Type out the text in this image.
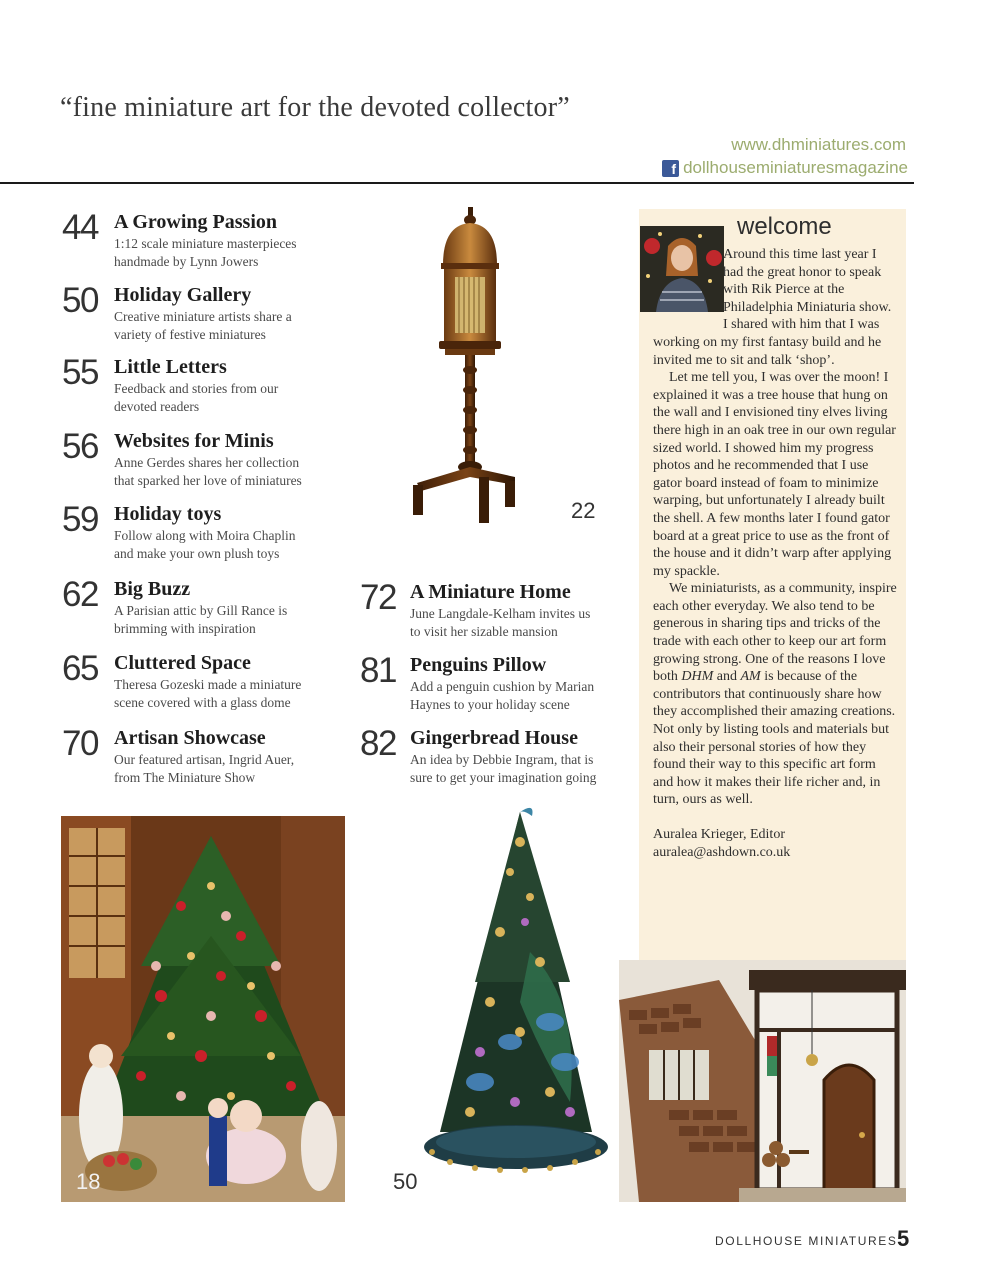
“fine miniature art for the devoted collector”
www.dhminiatures.com
f dollhouseminiaturesmagazine
44 A Growing Passion
1:12 scale miniature masterpieces
handmade by Lynn Jowers
50 Holiday Gallery
Creative miniature artists share a
variety of festive miniatures
55 Little Letters
Feedback and stories from our
devoted readers
56 Websites for Minis
Anne Gerdes shares her collection
that sparked her love of miniatures
59 Holiday toys
Follow along with Moira Chaplin
and make your own plush toys
62 Big Buzz
A Parisian attic by Gill Rance is
brimming with inspiration
65 Cluttered Space
Theresa Gozeski made a miniature
scene covered with a glass dome
70 Artisan Showcase
Our featured artisan, Ingrid Auer,
from The Miniature Show
72 A Miniature Home
June Langdale-Kelham invites us
to visit her sizable mansion
81 Penguins Pillow
Add a penguin cushion by Marian
Haynes to your holiday scene
82 Gingerbread House
An idea by Debbie Ingram, that is
sure to get your imagination going
22
18	50
welcome

Around this time last year I had the great honor to speak with Rik Pierce at the Philadelphia Miniaturia show. I shared with him that I was working on my first fantasy build and he invited me to sit and talk ‘shop’.

Let me tell you, I was over the moon! I explained it was a tree house that hung on the wall and I envisioned tiny elves living there high in an oak tree in our own regular sized world. I showed him my progress photos and he recommended that I use gator board instead of foam to minimize warping, but unfortunately I already built the shell. A few months later I found gator board at a great price to use as the front of the house and it didn’t warp after applying my spackle.

We miniaturists, as a community, inspire each other everyday. We also tend to be generous in sharing tips and tricks of the trade with each other to keep our art form growing strong. One of the reasons I love both DHM and AM is because of the contributors that continuously share how they accomplished their amazing creations. Not only by listing tools and materials but also their personal stories of how they found their way to this specific art form and how it makes their life richer and, in turn, ours as well.

Auralea Krieger, Editor

auralea@ashdown.co.uk

DOLLHOUSE MINIATURES 5
